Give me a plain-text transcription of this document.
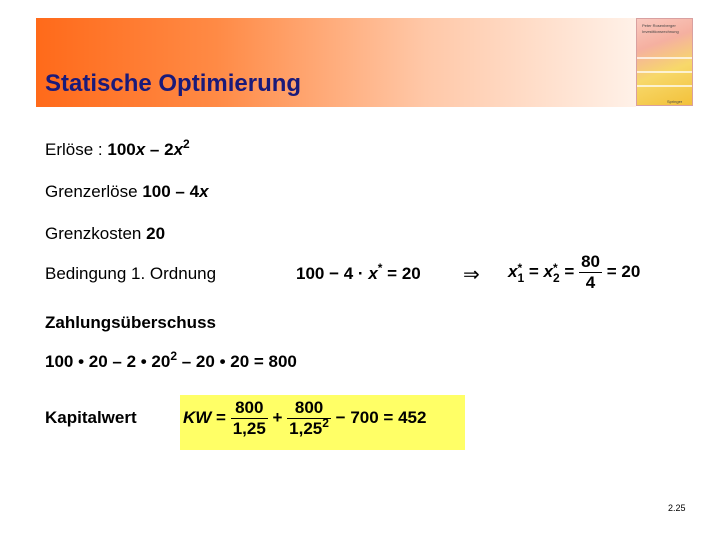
Statische Optimierung
Peter Rosenberger
Investitionsrechnung
Springer
Erlöse : $100x - 2x^2$
Grenzerlöse 100 – 4x
Grenzkosten 20
Bedingung 1. Ordnung	100 − 4 · x* = 20 ⇒ x *
1 = x *
$2 = \frac{80}{4} = 20$
Zahlungsüberschuss
100 • 20 – 2 • $20^2 - 20$ • 20 = 800
Kapitalwert	KW = $\frac{800}{1,25} + \frac{800}{1,25^2} - 700 = 452$
2.25
